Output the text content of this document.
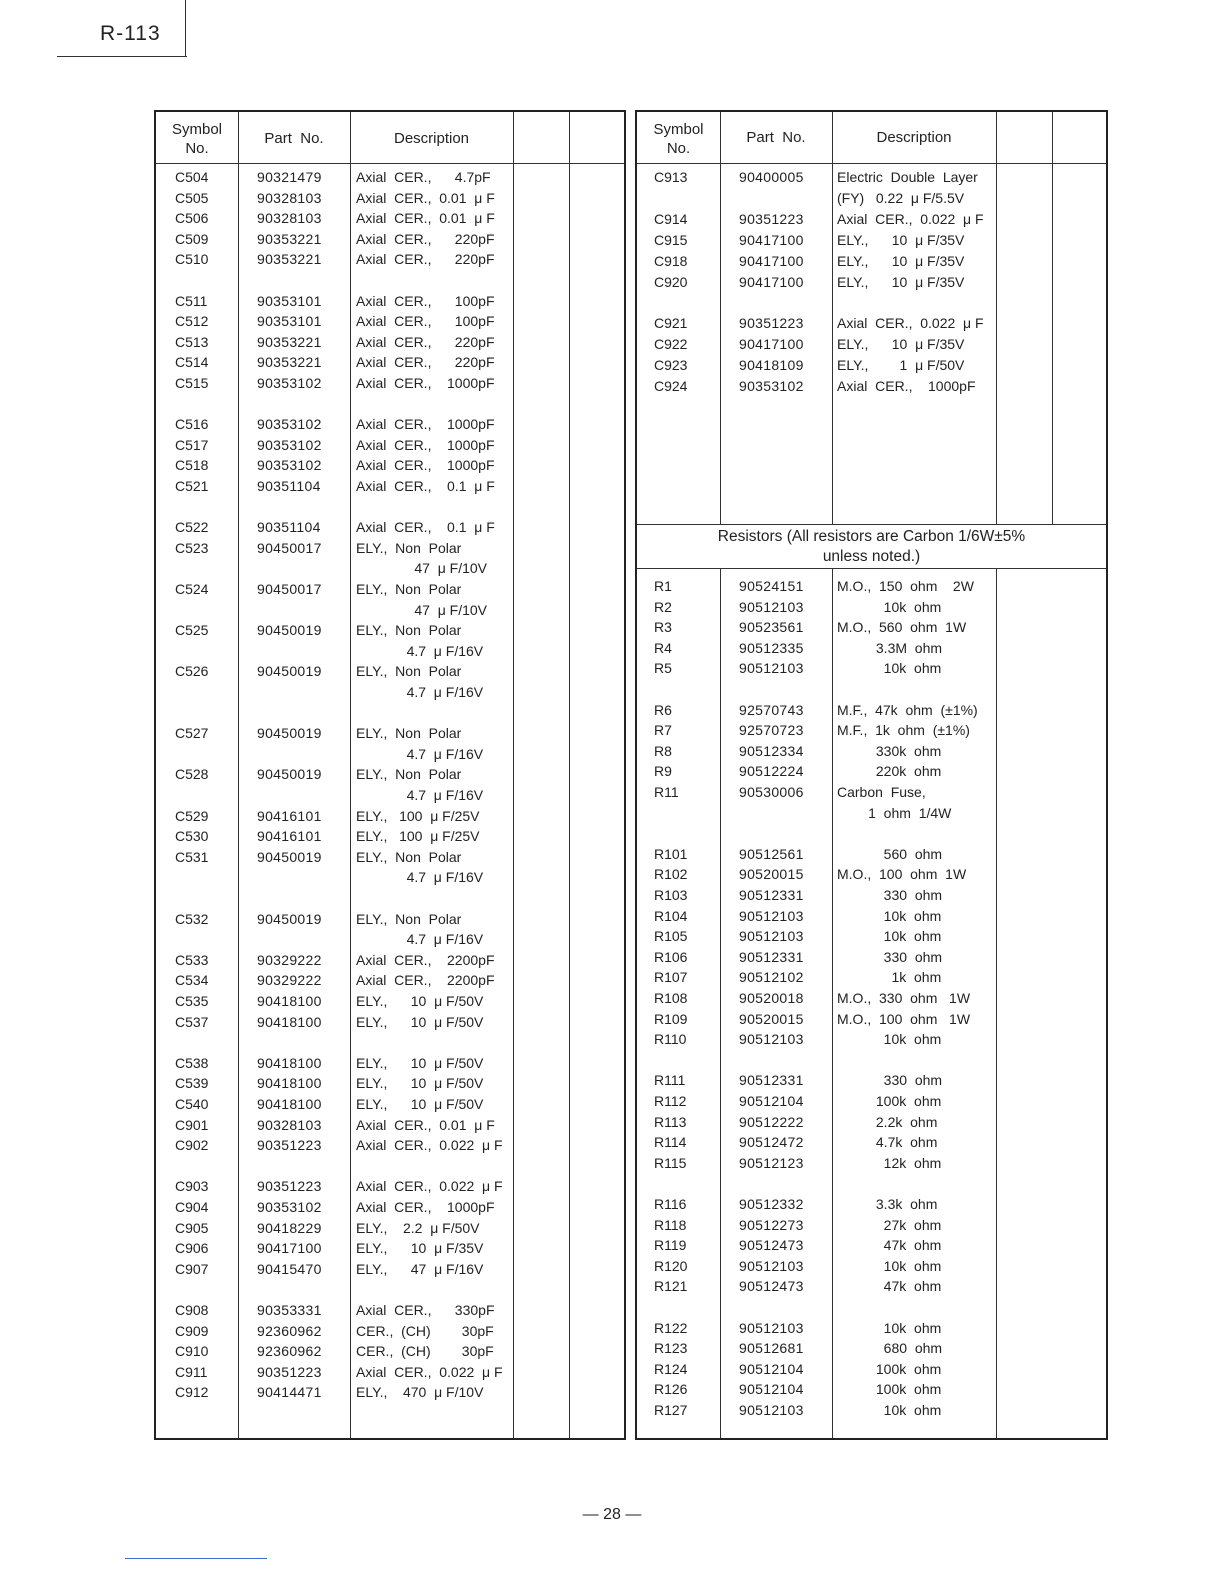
R-113
Symbol
No.
Part  No.	Description
C504	90321479 Axial  CER.,      4.7pF
C505	90328103 Axial  CER.,  0.01  μ F
C506	90328103 Axial  CER.,  0.01  μ F
C509	90353221 Axial  CER.,      220pF
C510	90353221 Axial  CER.,      220pF
C511	90353101 Axial  CER.,      100pF
C512	90353101 Axial  CER.,      100pF
C513	90353221 Axial  CER.,      220pF
C514	90353221 Axial  CER.,      220pF
C515	90353102 Axial  CER.,    1000pF
C516	90353102 Axial  CER.,    1000pF
C517	90353102 Axial  CER.,    1000pF
C518	90353102 Axial  CER.,    1000pF
C521	90351104	Axial  CER.,    0.1  μ F
C522	90351104	Axial  CER.,    0.1  μ F
C523	90450017 ELY.,  Non  Polar
47  μ F/10V
C524	90450017 ELY.,  Non  Polar
47  μ F/10V
C525	90450019 ELY.,  Non  Polar
4.7  μ F/16V
C526	90450019 ELY.,  Non  Polar
4.7  μ F/16V
C527	90450019 ELY.,  Non  Polar
4.7  μ F/16V
C528	90450019 ELY.,  Non  Polar
4.7  μ F/16V
C529	90416101 ELY.,   100  μ F/25V
C530	90416101 ELY.,   100  μ F/25V
C531	90450019 ELY.,  Non  Polar
4.7  μ F/16V
C532	90450019 ELY.,  Non  Polar
4.7  μ F/16V
C533	90329222 Axial  CER.,    2200pF
C534	90329222 Axial  CER.,    2200pF
C535	90418100 ELY.,      10  μ F/50V
C537	90418100 ELY.,      10  μ F/50V
C538	90418100 ELY.,      10  μ F/50V
C539	90418100 ELY.,      10  μ F/50V
C540	90418100 ELY.,      10  μ F/50V
C901	90328103 Axial  CER.,  0.01  μ F
C902	90351223 Axial  CER.,  0.022  μ F
C903	90351223 Axial  CER.,  0.022  μ F
C904	90353102 Axial  CER.,    1000pF
C905	90418229 ELY.,    2.2  μ F/50V
C906	90417100 ELY.,      10  μ F/35V
C907	90415470 ELY.,      47  μ F/16V
C908	90353331 Axial  CER.,      330pF
C909	92360962 CER.,  (CH)        30pF
C910	92360962 CER.,  (CH)        30pF
C911	90351223 Axial  CER.,  0.022  μ F
C912	90414471 ELY.,    470  μ F/10V
Symbol
No.
Part  No.	Description
C913	90400005 Electric  Double  Layer
(FY)   0.22  μ F/5.5V
C914	90351223 Axial  CER.,  0.022  μ F
C915	90417100 ELY.,      10  μ F/35V
C918	90417100 ELY.,      10  μ F/35V
C920	90417100 ELY.,      10  μ F/35V
C921	90351223 Axial  CER.,  0.022  μ F
C922	90417100 ELY.,      10  μ F/35V
C923	90418109 ELY.,        1  μ F/50V
C924	90353102 Axial  CER.,    1000pF
Resistors (All resistors are Carbon 1/6W±5%
unless noted.)
R1	90524151 M.O.,  150  ohm    2W
R2	90512103 10k  ohm
R3	90523561 M.O.,  560  ohm  1W
R4	90512335 3.3M  ohm
R5	90512103 10k  ohm
R6	92570743 M.F.,  47k  ohm  (±1%)
R7	92570723 M.F.,  1k  ohm  (±1%)
R8	90512334 330k  ohm
R9	90512224 220k  ohm
R11	90530006 Carbon  Fuse,
1  ohm  1/4W
R101	90512561 560  ohm
R102	90520015 M.O.,  100  ohm  1W
R103	90512331 330  ohm
R104	90512103 10k  ohm
R105	90512103 10k  ohm
R106	90512331 330  ohm
R107	90512102 1k  ohm
R108	90520018 M.O.,  330  ohm   1W
R109	90520015 M.O.,  100  ohm   1W
R110	90512103 10k  ohm
R111	90512331 330  ohm
R112	90512104 100k  ohm
R113	90512222 2.2k  ohm
R114	90512472 4.7k  ohm
R115	90512123 12k  ohm
R116	90512332 3.3k  ohm
R118	90512273 27k  ohm
R119	90512473 47k  ohm
R120	90512103 10k  ohm
R121	90512473 47k  ohm
R122	90512103 10k  ohm
R123	90512681 680  ohm
R124	90512104 100k  ohm
R126	90512104 100k  ohm
R127	90512103 10k  ohm
— 28 —
